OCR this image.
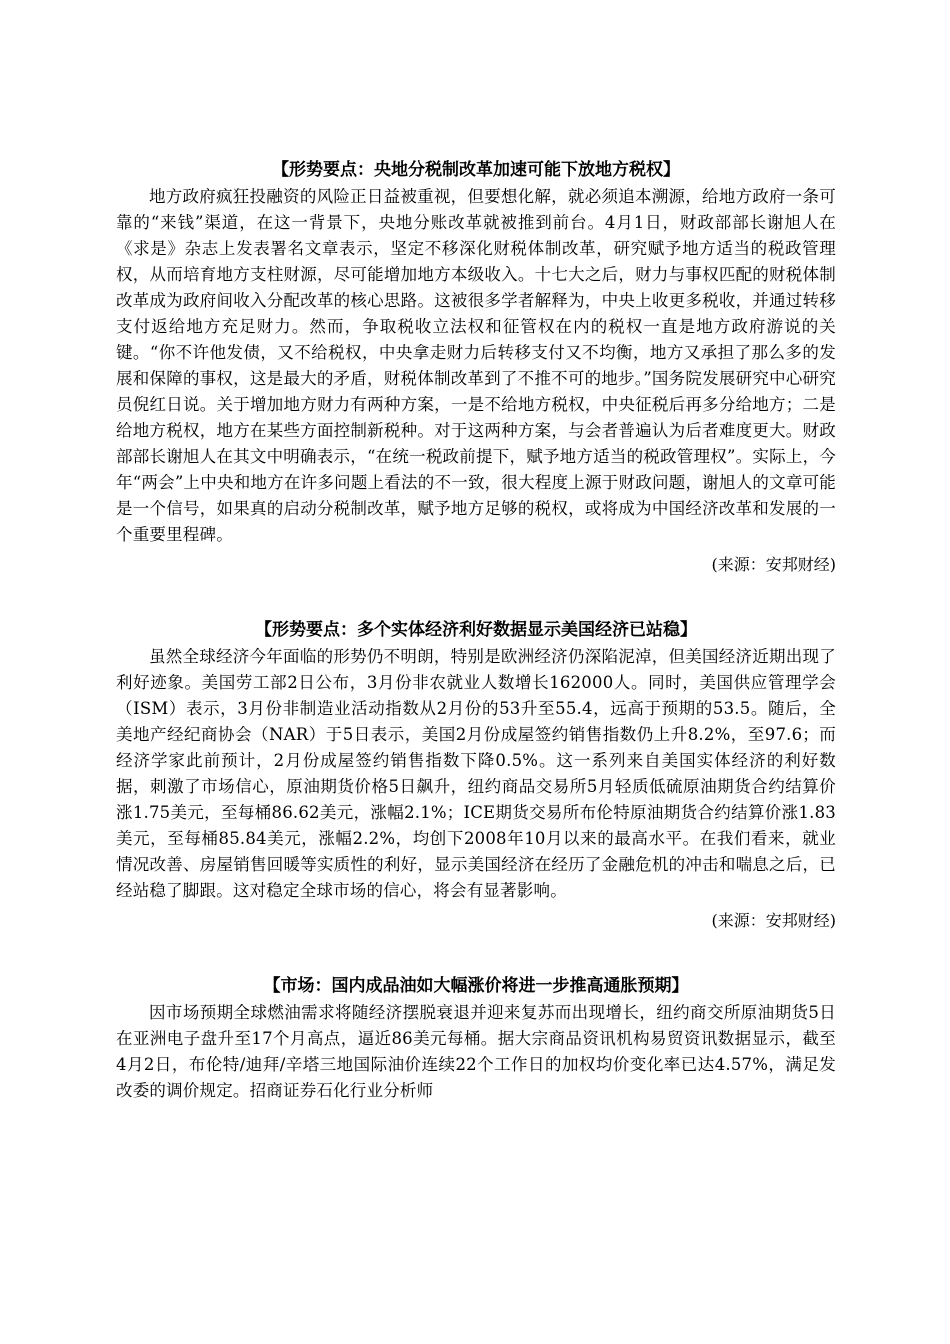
【形势要点：央地分税制改革加速可能下放地方税权】

地方政府疯狂投融资的风险正日益被重视，但要想化解，就必须追本溯源，给地方政府一条可靠的“来钱”渠道，在这一背景下，央地分账改革就被推到前台。4月1日，财政部部长谢旭人在《求是》杂志上发表署名文章表示，坚定不移深化财税体制改革，研究赋予地方适当的税政管理权，从而培育地方支柱财源，尽可能增加地方本级收入。十七大之后，财力与事权匹配的财税体制改革成为政府间收入分配改革的核心思路。这被很多学者解释为，中央上收更多税收，并通过转移支付返给地方充足财力。然而，争取税收立法权和征管权在内的税权一直是地方政府游说的关键。“你不许他发债，又不给税权，中央拿走财力后转移支付又不均衡，地方又承担了那么多的发展和保障的事权，这是最大的矛盾，财税体制改革到了不推不可的地步。”国务院发展研究中心研究员倪红日说。关于增加地方财力有两种方案，一是不给地方税权，中央征税后再多分给地方；二是给地方税权，地方在某些方面控制新税种。对于这两种方案，与会者普遍认为后者难度更大。财政部部长谢旭人在其文中明确表示，“在统一税政前提下，赋予地方适当的税政管理权”。实际上，今年“两会”上中央和地方在许多问题上看法的不一致，很大程度上源于财政问题，谢旭人的文章可能是一个信号，如果真的启动分税制改革，赋予地方足够的税权，或将成为中国经济改革和发展的一个重要里程碑。

(来源：安邦财经)

【形势要点：多个实体经济利好数据显示美国经济已站稳】

虽然全球经济今年面临的形势仍不明朗，特别是欧洲经济仍深陷泥淖，但美国经济近期出现了利好迹象。美国劳工部2日公布，3月份非农就业人数增长162000人。同时，美国供应管理学会（ISM）表示，3月份非制造业活动指数从2月份的53升至55.4，远高于预期的53.5。随后，全美地产经纪商协会（NAR）于5日表示，美国2月份成屋签约销售指数仍上升8.2%，至97.6；而经济学家此前预计，2月份成屋签约销售指数下降0.5%。这一系列来自美国实体经济的利好数据，刺激了市场信心，原油期货价格5日飙升，纽约商品交易所5月轻质低硫原油期货合约结算价涨1.75美元，至每桶86.62美元，涨幅2.1%；ICE期货交易所布伦特原油期货合约结算价涨1.83美元，至每桶85.84美元，涨幅2.2%，均创下2008年10月以来的最高水平。在我们看来，就业情况改善、房屋销售回暖等实质性的利好，显示美国经济在经历了金融危机的冲击和喘息之后，已经站稳了脚跟。这对稳定全球市场的信心，将会有显著影响。

(来源：安邦财经)

【市场：国内成品油如大幅涨价将进一步推高通胀预期】

因市场预期全球燃油需求将随经济摆脱衰退并迎来复苏而出现增长，纽约商交所原油期货5日在亚洲电子盘升至17个月高点，逼近86美元每桶。据大宗商品资讯机构易贸资讯数据显示，截至4月2日，布伦特/迪拜/辛塔三地国际油价连续22个工作日的加权均价变化率已达4.57%，满足发改委的调价规定。招商证券石化行业分析师
